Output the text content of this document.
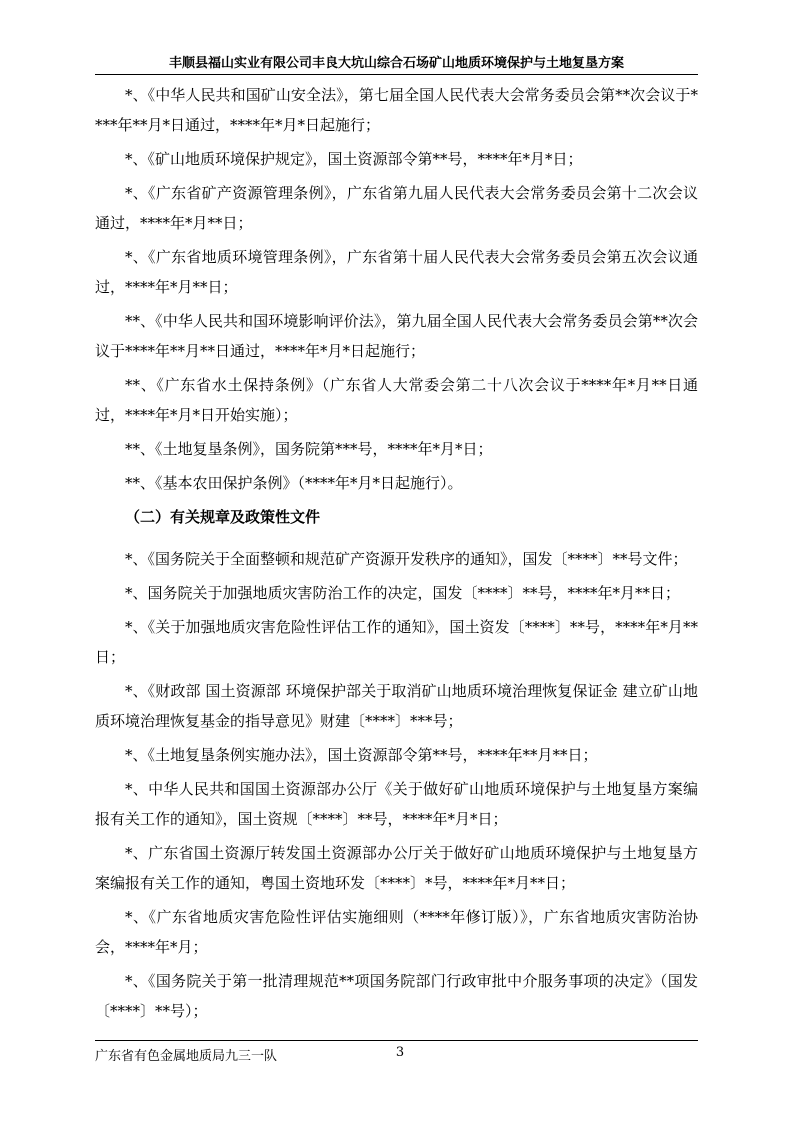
丰顺县福山实业有限公司丰良大坑山综合石场矿山地质环境保护与土地复垦方案

*、《中华人民共和国矿山安全法》，第七届全国人民代表大会常务委员会第**次会议于****年**月*日通过，****年*月*日起施行；

*、《矿山地质环境保护规定》，国土资源部令第**号，****年*月*日；

*、《广东省矿产资源管理条例》，广东省第九届人民代表大会常务委员会第十二次会议通过，****年*月**日；

*、《广东省地质环境管理条例》，广东省第十届人民代表大会常务委员会第五次会议通过，****年*月**日；

**、《中华人民共和国环境影响评价法》，第九届全国人民代表大会常务委员会第**次会议于****年**月**日通过，****年*月*日起施行；

**、《广东省水土保持条例》（广东省人大常委会第二十八次会议于****年*月**日通过，****年*月*日开始实施）；

**、《土地复垦条例》，国务院第***号，****年*月*日；

**、《基本农田保护条例》（****年*月*日起施行）。

（二）有关规章及政策性文件

*、《国务院关于全面整顿和规范矿产资源开发秩序的通知》，国发〔****〕**号文件；

*、国务院关于加强地质灾害防治工作的决定，国发〔****〕**号，****年*月**日；

*、《关于加强地质灾害危险性评估工作的通知》，国土资发〔****〕**号，****年*月**日；

*、《财政部 国土资源部 环境保护部关于取消矿山地质环境治理恢复保证金 建立矿山地质环境治理恢复基金的指导意见》财建〔****〕***号；

*、《土地复垦条例实施办法》，国土资源部令第**号，****年**月**日；

*、中华人民共和国国土资源部办公厅《关于做好矿山地质环境保护与土地复垦方案编报有关工作的通知》，国土资规〔****〕**号，****年*月*日；

*、广东省国土资源厅转发国土资源部办公厅关于做好矿山地质环境保护与土地复垦方案编报有关工作的通知，粤国土资地环发〔****〕*号，****年*月**日；

*、《广东省地质灾害危险性评估实施细则（****年修订版）》，广东省地质灾害防治协会，****年*月；

*、《国务院关于第一批清理规范**项国务院部门行政审批中介服务事项的决定》（国发〔****〕**号）；

广东省有色金属地质局九三一队	3
